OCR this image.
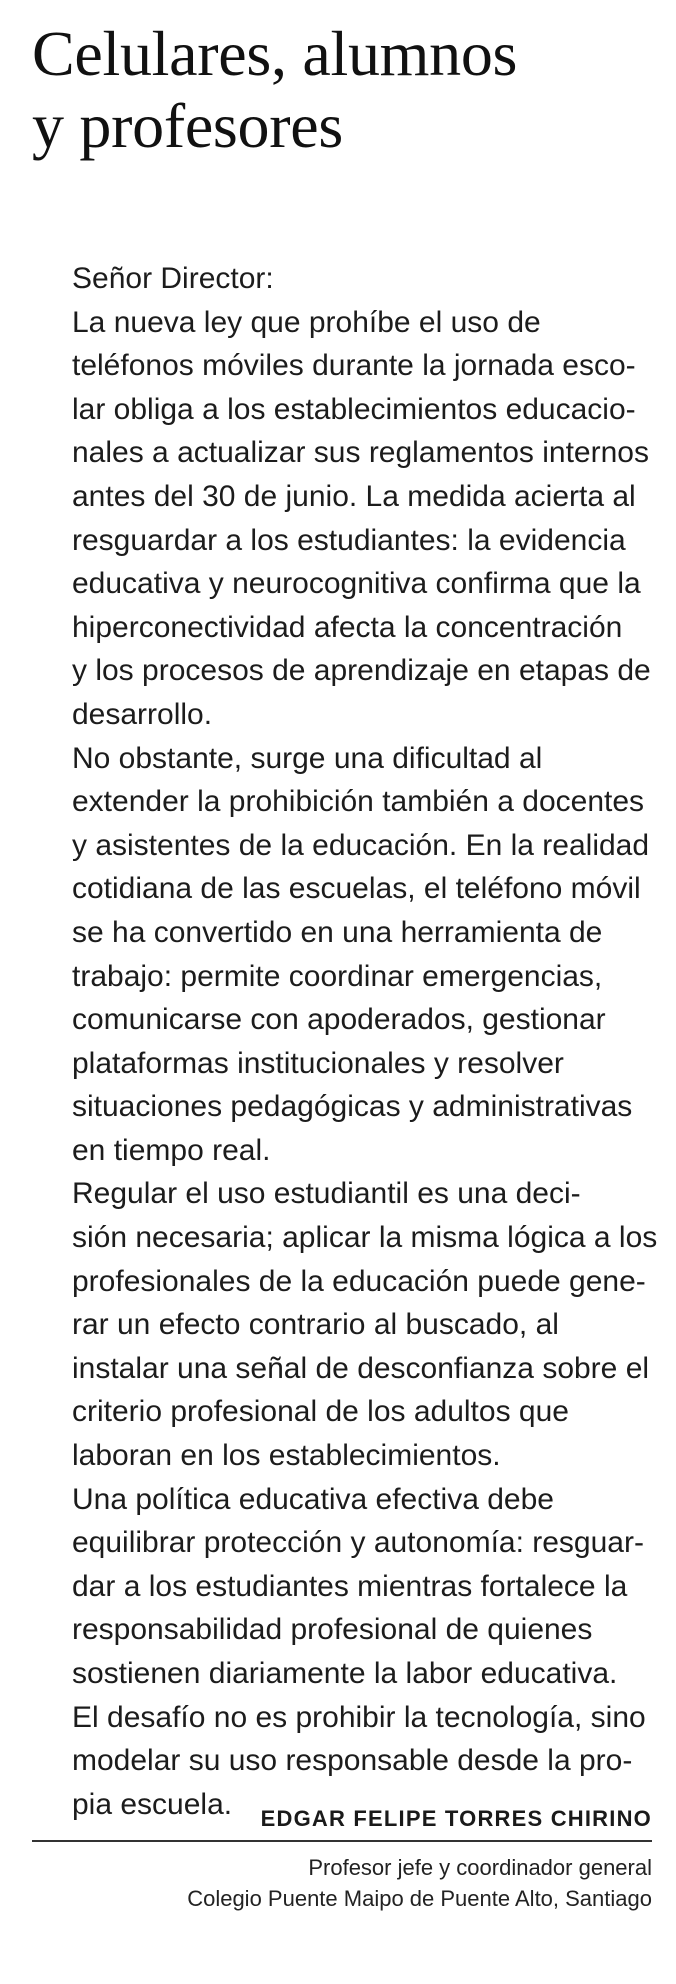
Celulares, alumnos
y profesores

Señor Director:

La nueva ley que prohíbe el uso de
teléfonos móviles durante la jornada esco-
lar obliga a los establecimientos educacio-
nales a actualizar sus reglamentos internos
antes del 30 de junio. La medida acierta al
resguardar a los estudiantes: la evidencia
educativa y neurocognitiva confirma que la
hiperconectividad afecta la concentración
y los procesos de aprendizaje en etapas de
desarrollo.

No obstante, surge una dificultad al
extender la prohibición también a docentes
y asistentes de la educación. En la realidad
cotidiana de las escuelas, el teléfono móvil
se ha convertido en una herramienta de
trabajo: permite coordinar emergencias,
comunicarse con apoderados, gestionar
plataformas institucionales y resolver
situaciones pedagógicas y administrativas
en tiempo real.

Regular el uso estudiantil es una deci-
sión necesaria; aplicar la misma lógica a los
profesionales de la educación puede gene-
rar un efecto contrario al buscado, al
instalar una señal de desconfianza sobre el
criterio profesional de los adultos que
laboran en los establecimientos.

Una política educativa efectiva debe
equilibrar protección y autonomía: resguar-
dar a los estudiantes mientras fortalece la
responsabilidad profesional de quienes
sostienen diariamente la labor educativa.
El desafío no es prohibir la tecnología, sino
modelar su uso responsable desde la pro-
pia escuela.	EDGAR FELIPE TORRES CHIRINO
Profesor jefe y coordinador general
Colegio Puente Maipo de Puente Alto, Santiago
